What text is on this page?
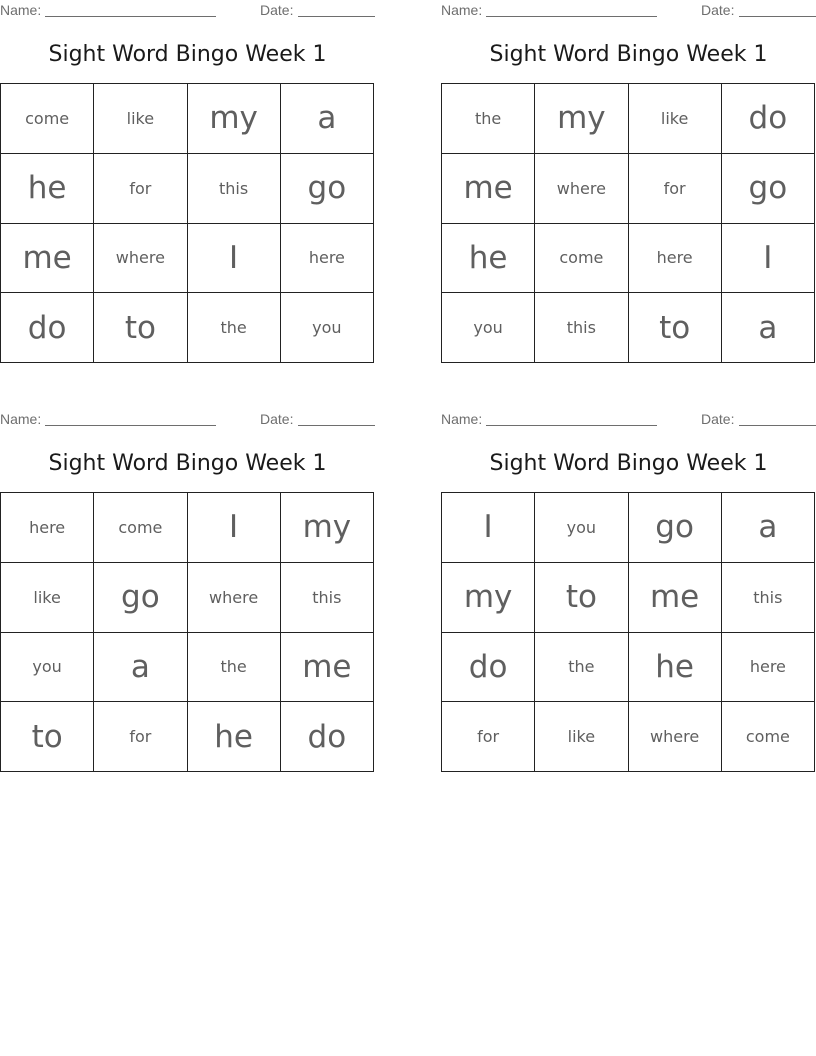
Name:	Date:
Sight Word Bingo Week 1
come	like	my	a
he	for	this	go
me	where	I	here
do	to	the	you
Name:	Date:
Sight Word Bingo Week 1
the	my	like	do
me	where	for	go
he	come	here	I
you	this	to	a
Name:	Date:
Sight Word Bingo Week 1
here	come	I	my
like	go	where	this
you	a	the	me
to	for	he	do
Name:	Date:
Sight Word Bingo Week 1
I	you	go	a
my	to	me	this
do	the	he	here
for	like	where	come
